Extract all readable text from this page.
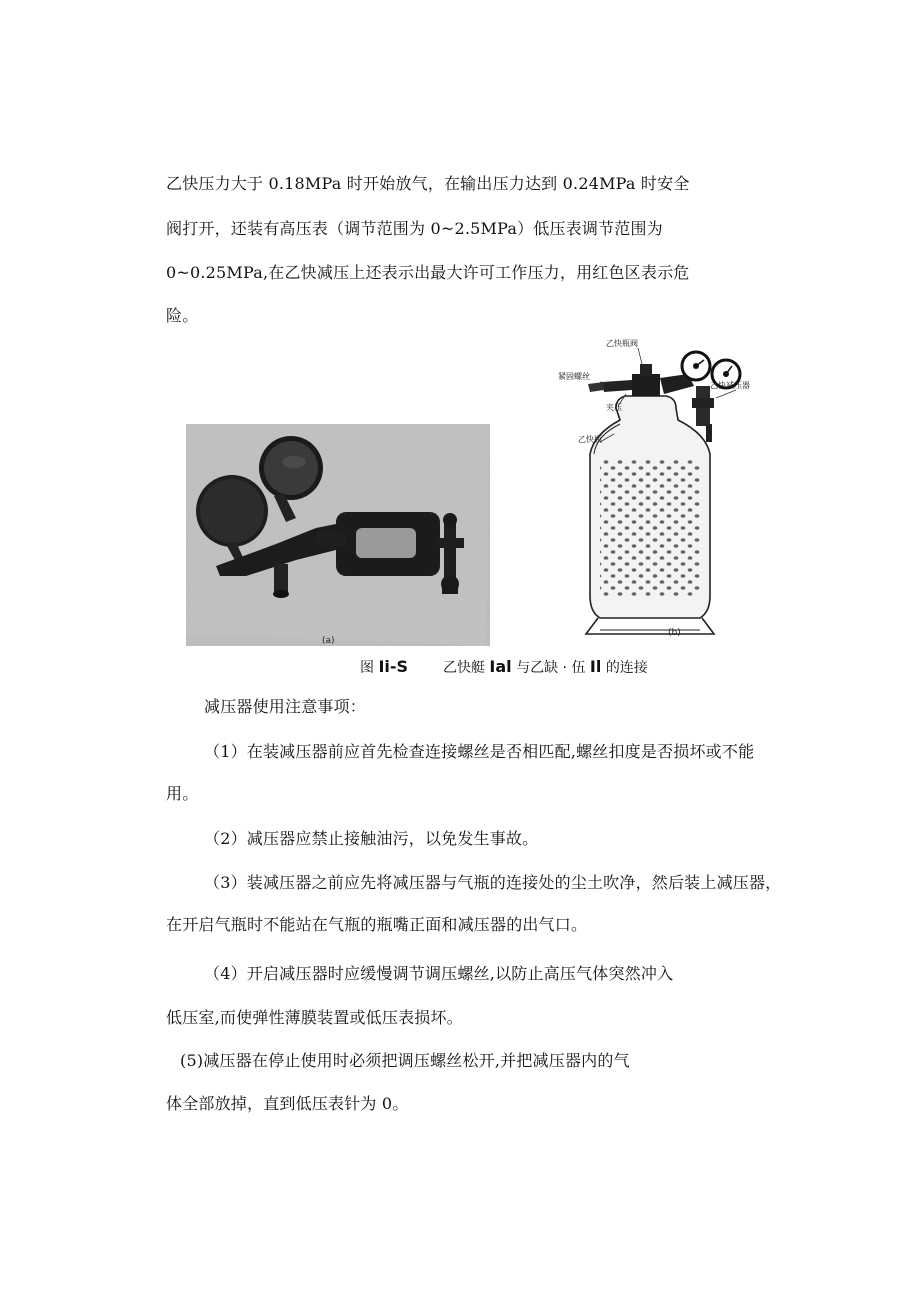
乙快压力大于 0.18MPa 时开始放气，在输出压力达到 0.24MPa 时安全

阀打开，还装有高压表（调节范围为 0~2.5MPa）低压表调节范围为

0~0.25MPa,在乙快减压上还表示出最大许可工作压力，用红色区表示危

险。

(a)
乙快瓶阀
紧固螺丝
夹压
乙快瓶
乙快减压器
(b)
图 Ii-S 乙快艇 Ial 与乙缺 · 伍 Il 的连接

减压器使用注意事项：

（1）在装减压器前应首先检查连接螺丝是否相匹配,螺丝扣度是否损坏或不能

用。

（2）减压器应禁止接触油污，以免发生事故。

（3）装减压器之前应先将减压器与气瓶的连接处的尘土吹净，然后装上减压器，

在开启气瓶时不能站在气瓶的瓶嘴正面和减压器的出气口。

（4）开启减压器时应缓慢调节调压螺丝,以防止高压气体突然冲入

低压室,而使弹性薄膜装置或低压表损坏。

(5)减压器在停止使用时必须把调压螺丝松开,并把减压器内的气

体全部放掉，直到低压表针为 0。
